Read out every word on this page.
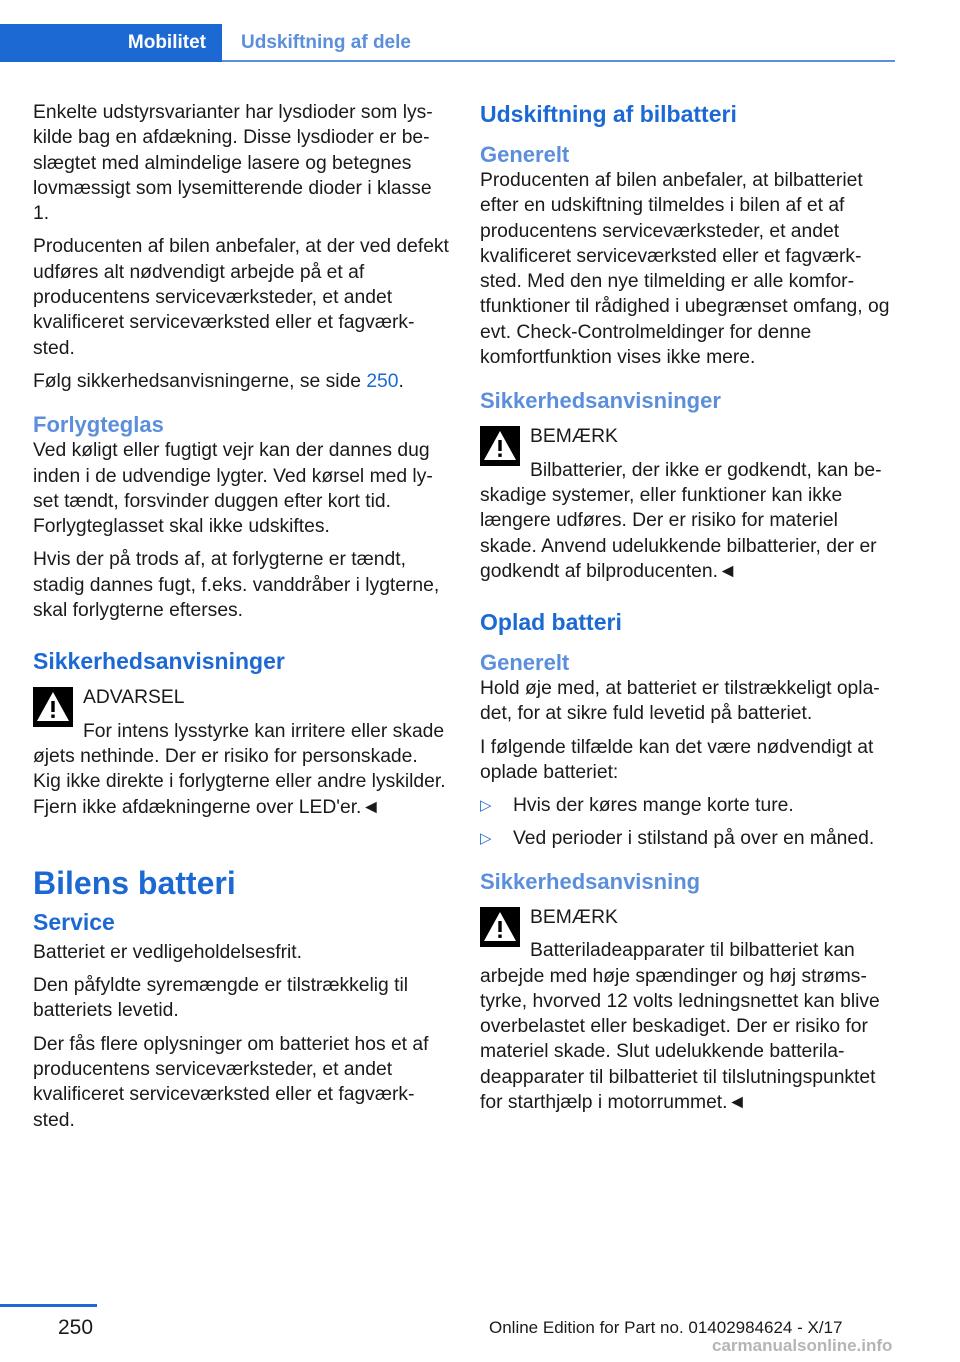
Mobilitet	Udskiftning af dele

Enkelte udstyrsvarianter har lysdioder som lyskilde bag en afdækning. Disse lysdioder er beslægtet med almindelige lasere og betegnes lovmæssigt som lysemitterende dioder i klasse 1.

Producenten af bilen anbefaler, at der ved defekt udføres alt nødvendigt arbejde på et af producentens serviceværksteder, et andet kvalificeret serviceværksted eller et fagværksted.

Følg sikkerhedsanvisningerne, se side 250.

Forlygteglas

Ved køligt eller fugtigt vejr kan der dannes dug inden i de udvendige lygter. Ved kørsel med lyset tændt, forsvinder duggen efter kort tid. Forlygteglasset skal ikke udskiftes.

Hvis der på trods af, at forlygterne er tændt, stadig dannes fugt, f.eks. vanddråber i lygterne, skal forlygterne efterses.

Sikkerhedsanvisninger
ADVARSEL
For intens lysstyrke kan irritere eller skade øjets nethinde. Der er risiko for personskade. Kig ikke direkte i forlygterne eller andre lyskilder. Fjern ikke afdækningerne over LED'er.◄
Bilens batteri
Service

Batteriet er vedligeholdelsesfrit.

Den påfyldte syremængde er tilstrækkelig til batteriets levetid.

Der fås flere oplysninger om batteriet hos et af producentens serviceværksteder, et andet kvalificeret serviceværksted eller et fagværksted.

Udskiftning af bilbatteri
Generelt

Producenten af bilen anbefaler, at bilbatteriet efter en udskiftning tilmeldes i bilen af et af producentens serviceværksteder, et andet kvalificeret serviceværksted eller et fagværksted. Med den nye tilmelding er alle komfortfunktioner til rådighed i ubegrænset omfang, og evt. Check-Controlmeldinger for denne komfortfunktion vises ikke mere.

Sikkerhedsanvisninger
BEMÆRK
Bilbatterier, der ikke er godkendt, kan beskadige systemer, eller funktioner kan ikke længere udføres. Der er risiko for materiel skade. Anvend udelukkende bilbatterier, der er godkendt af bilproducenten.◄
Oplad batteri
Generelt

Hold øje med, at batteriet er tilstrækkeligt opladet, for at sikre fuld levetid på batteriet.

I følgende tilfælde kan det være nødvendigt at oplade batteriet:

▷ Hvis der køres mange korte ture.
▷ Ved perioder i stilstand på over en måned.
Sikkerhedsanvisning
BEMÆRK
Batteriladeapparater til bilbatteriet kan arbejde med høje spændinger og høj strømstyrke, hvorved 12 volts ledningsnettet kan blive overbelastet eller beskadiget. Der er risiko for materiel skade. Slut udelukkende batteriladeapparater til bilbatteriet til tilslutningspunktet for starthjælp i motorrummet.◄
250	Online Edition for Part no. 01402984624 - X/17
carmanualsonline.info
